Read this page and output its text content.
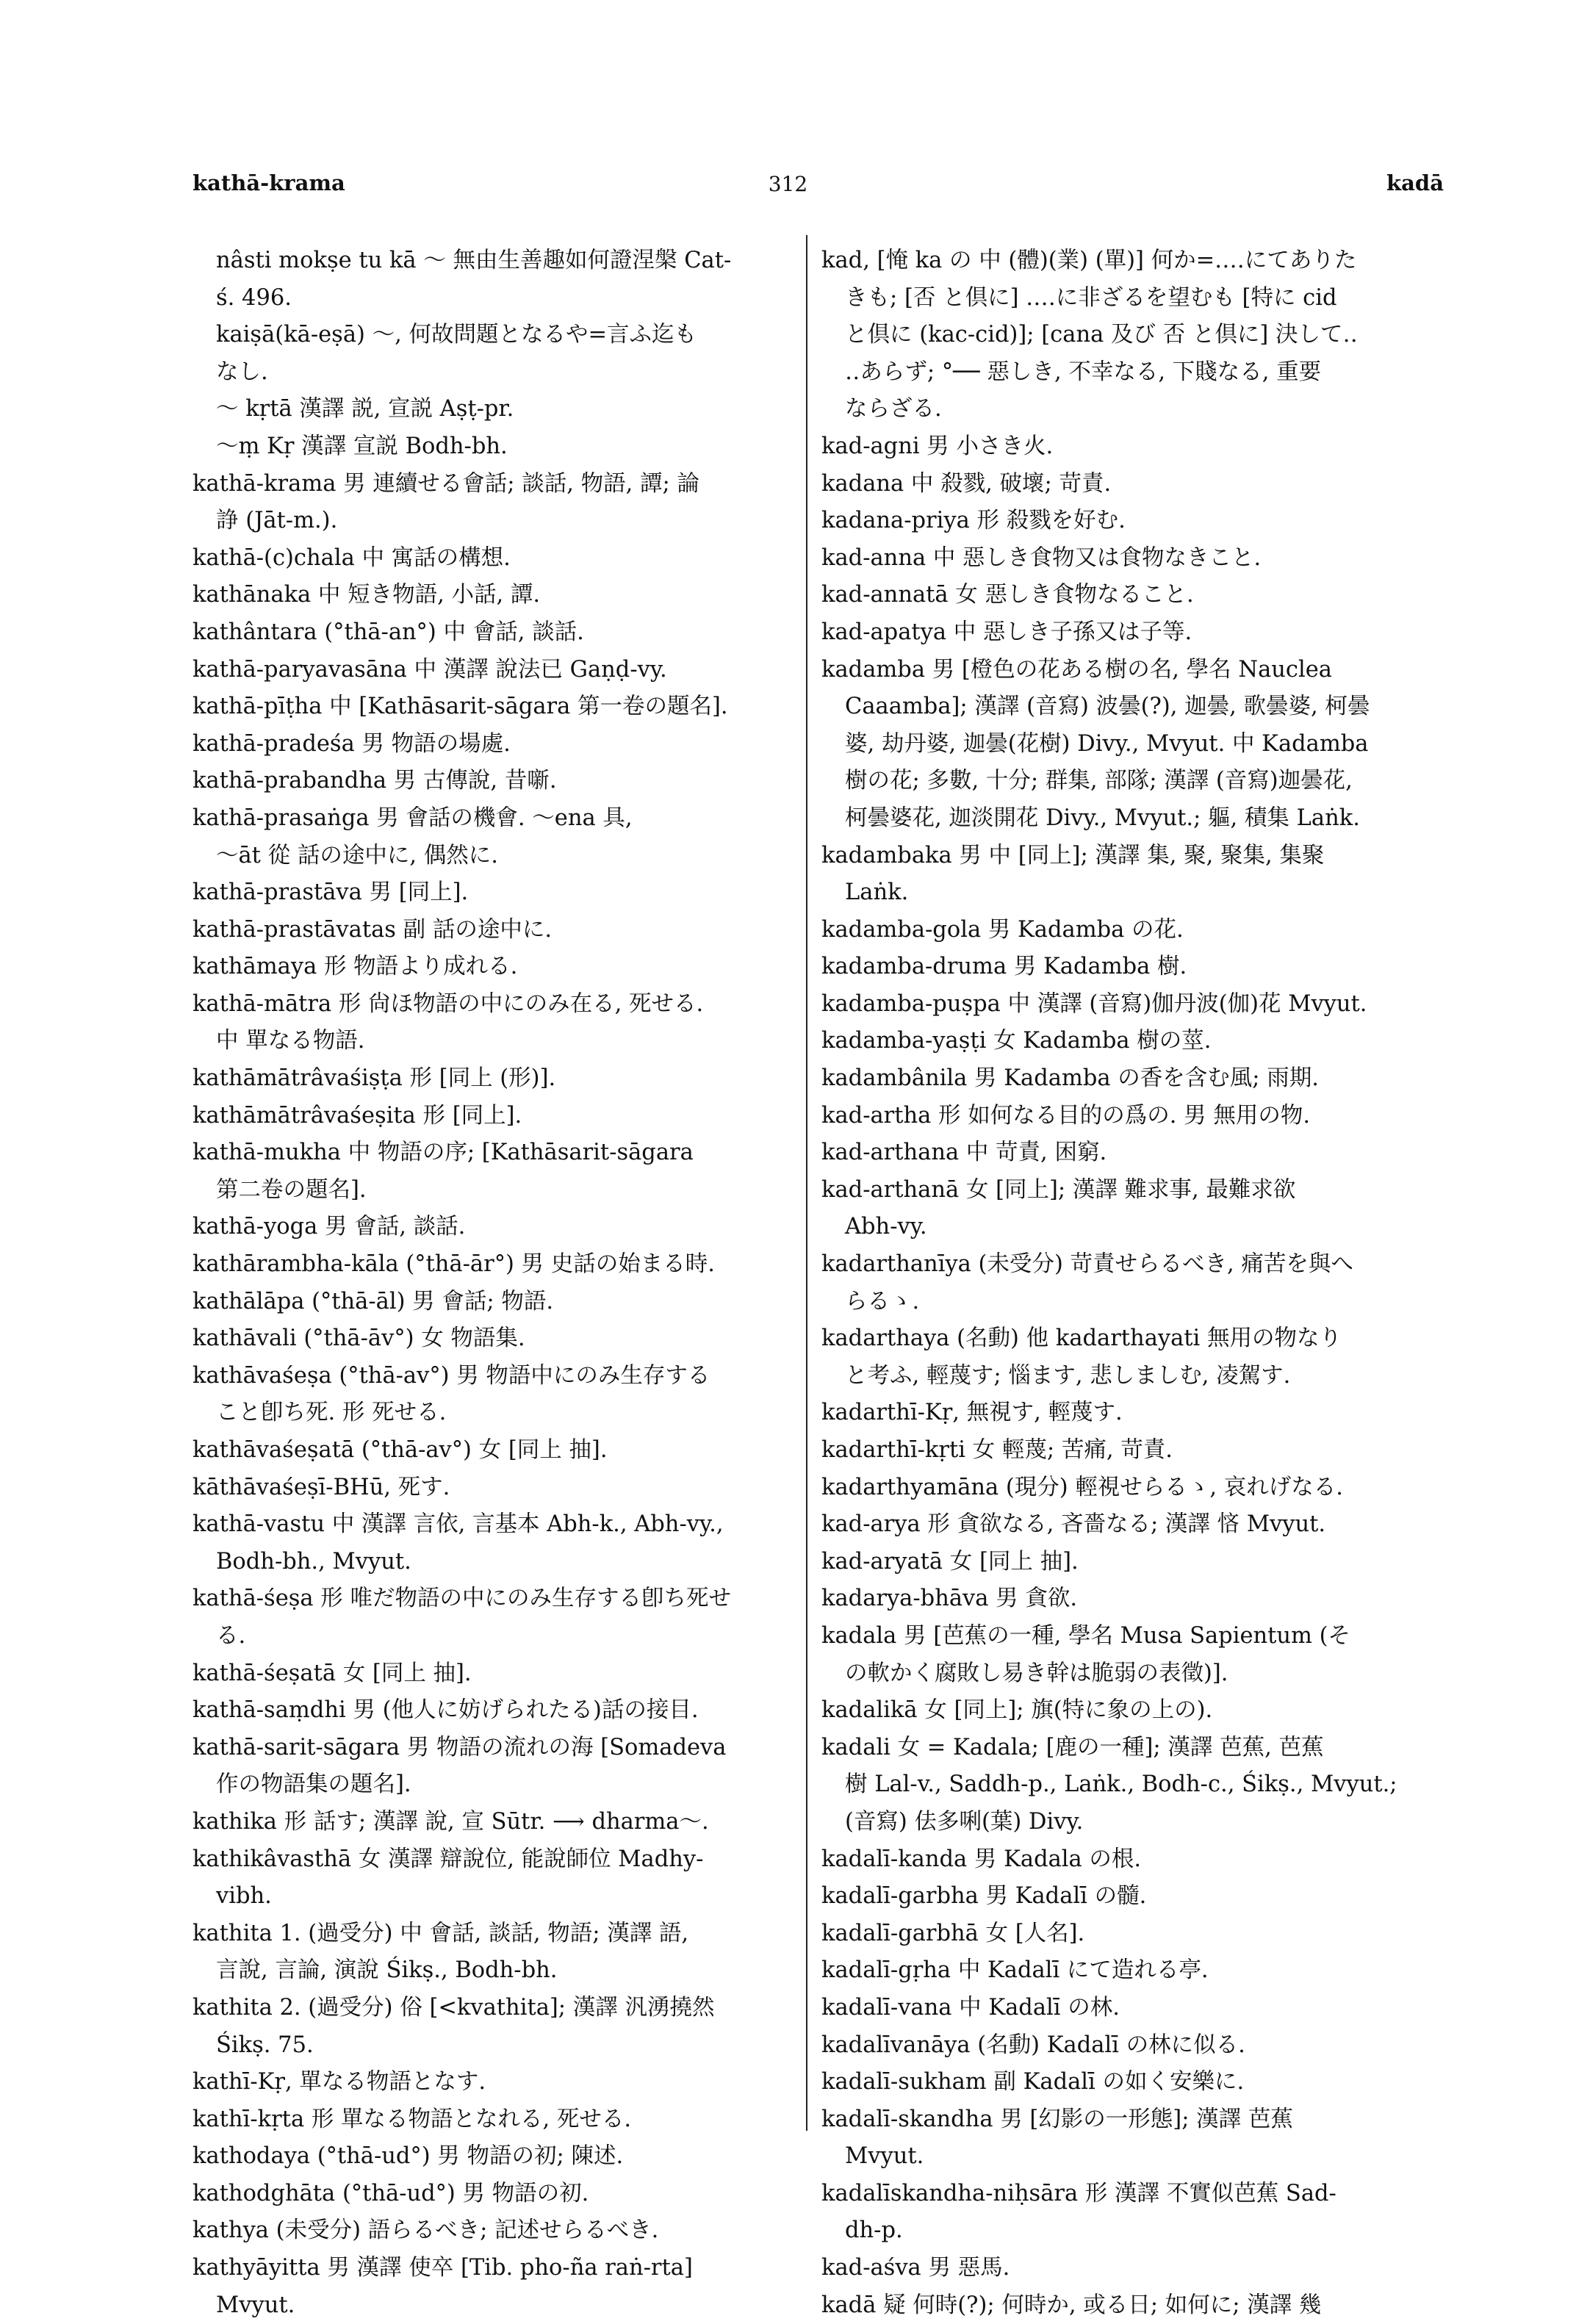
kathā-krama	312	kadā
nâsti mokṣe tu kā ～ 無由生善趣如何證涅槃 Cat-
ś. 496.
kaiṣā(kā-eṣā) ～, 何故問題となるや=言ふ迄も
なし.
～ kṛtā 漢譯 説, 宣説 Aṣṭ-pr.
～ṃ Kṛ 漢譯 宣説 Bodh-bh.
kathā-krama 男 連續せる會話; 談話, 物語, 譚; 論
諍 (Jāt-m.).
kathā-(c)chala 中 寓話の構想.
kathānaka 中 短き物語, 小話, 譚.
kathântara (°thā-an°) 中 會話, 談話.
kathā-paryavasāna 中 漢譯 說法已 Gaṇḍ-vy.
kathā-pīṭha 中 [Kathāsarit-sāgara 第一卷の題名].
kathā-pradeśa 男 物語の場處.
kathā-prabandha 男 古傳說, 昔噺.
kathā-prasaṅga 男 會話の機會. ～ena 具,
～āt 從 話の途中に, 偶然に.
kathā-prastāva 男 [同上].
kathā-prastāvatas 副 話の途中に.
kathāmaya 形 物語より成れる.
kathā-mātra 形 尙ほ物語の中にのみ在る, 死せる.
中 單なる物語.
kathāmātrâvaśiṣṭa 形 [同上 (形)].
kathāmātrâvaśeṣita 形 [同上].
kathā-mukha 中 物語の序; [Kathāsarit-sāgara
第二卷の題名].
kathā-yoga 男 會話, 談話.
kathārambha-kāla (°thā-ār°) 男 史話の始まる時.
kathālāpa (°thā-āl) 男 會話; 物語.
kathāvali (°thā-āv°) 女 物語集.
kathāvaśeṣa (°thā-av°) 男 物語中にのみ生存する
こと卽ち死. 形 死せる.
kathāvaśeṣatā (°thā-av°) 女 [同上 抽].
kāthāvaśeṣī-BHū, 死す.
kathā-vastu 中 漢譯 言依, 言基本 Abh-k., Abh-vy.,
Bodh-bh., Mvyut.
kathā-śeṣa 形 唯だ物語の中にのみ生存する卽ち死せ
る.
kathā-śeṣatā 女 [同上 抽].
kathā-saṃdhi 男 (他人に妨げられたる)話の接目.
kathā-sarit-sāgara 男 物語の流れの海 [Somadeva
作の物語集の題名].
kathika 形 話す; 漢譯 說, 宣 Sūtr. ⟶ dharma～.
kathikâvasthā 女 漢譯 辯說位, 能說師位 Madhy-
vibh.
kathita 1. (過受分) 中 會話, 談話, 物語; 漢譯 語,
言說, 言論, 演說 Śikṣ., Bodh-bh.
kathita 2. (過受分) 俗 [<kvathita]; 漢譯 汎湧撓然
Śikṣ. 75.
kathī-Kṛ, 單なる物語となす.
kathī-kṛta 形 單なる物語となれる, 死せる.
kathodaya (°thā-ud°) 男 物語の初; 陳述.
kathodghāta (°thā-ud°) 男 物語の初.
kathya (未受分) 語らるべき; 記述せらるべき.
kathyāyitta 男 漢譯 使卒 [Tib. pho-ña raṅ-rta]
Mvyut.
kad, [㤿 ka の 中 (體)(業) (單)] 何か=‥‥にてありた
きも; [否 と倶に] ‥‥に非ざるを望むも [特に cid
と倶に (kac-cid)]; [cana 及び 否 と倶に] 決して‥
‥あらず; °── 惡しき, 不幸なる, 下賤なる, 重要
ならざる.
kad-agni 男 小さき火.
kadana 中 殺戮, 破壞; 苛責.
kadana-priya 形 殺戮を好む.
kad-anna 中 惡しき食物又は食物なきこと.
kad-annatā 女 惡しき食物なること.
kad-apatya 中 惡しき子孫又は子等.
kadamba 男 [橙色の花ある樹の名, 學名 Nauclea
Caaamba]; 漢譯 (音寫) 波曇(?), 迦曇, 歌曇婆, 柯曇
婆, 劫丹婆, 迦曇(花樹) Divy., Mvyut. 中 Kadamba
樹の花; 多數, 十分; 群集, 部隊; 漢譯 (音寫)迦曇花,
柯曇婆花, 迦淡開花 Divy., Mvyut.; 軀, 積集 Laṅk.
kadambaka 男 中 [同上]; 漢譯 集, 聚, 聚集, 集聚
Laṅk.
kadamba-gola 男 Kadamba の花.
kadamba-druma 男 Kadamba 樹.
kadamba-puṣpa 中 漢譯 (音寫)伽丹波(伽)花 Mvyut.
kadamba-yaṣṭi 女 Kadamba 樹の莖.
kadambânila 男 Kadamba の香を含む風; 雨期.
kad-artha 形 如何なる目的の爲の. 男 無用の物.
kad-arthana 中 苛責, 困窮.
kad-arthanā 女 [同上]; 漢譯 難求事, 最難求欲
Abh-vy.
kadarthanīya (未受分) 苛責せらるべき, 痛苦を與へ
らるゝ.
kadarthaya (名動) 他 kadarthayati 無用の物なり
と考ふ, 輕蔑す; 惱ます, 悲しましむ, 凌駕す.
kadarthī-Kṛ, 無視す, 輕蔑す.
kadarthī-kṛti 女 輕蔑; 苦痛, 苛責.
kadarthyamāna (現分) 輕視せらるゝ, 哀れげなる.
kad-arya 形 貪欲なる, 吝嗇なる; 漢譯 悋 Mvyut.
kad-aryatā 女 [同上 抽].
kadarya-bhāva 男 貪欲.
kadala 男 [芭蕉の一種, 學名 Musa Sapientum (そ
の軟かく腐敗し易き幹は脆弱の表徵)].
kadalikā 女 [同上]; 旗(特に象の上の).
kadali 女 = Kadala; [鹿の一種]; 漢譯 芭蕉, 芭蕉
樹 Lal-v., Saddh-p., Laṅk., Bodh-c., Śikṣ., Mvyut.;
(音寫) 佉多唎(葉) Divy.
kadalī-kanda 男 Kadala の根.
kadalī-garbha 男 Kadalī の髓.
kadalī-garbhā 女 [人名].
kadalī-gṛha 中 Kadalī にて造れる亭.
kadalī-vana 中 Kadalī の林.
kadalīvanāya (名動) Kadalī の林に似る.
kadalī-sukham 副 Kadalī の如く安樂に.
kadalī-skandha 男 [幻影の一形態]; 漢譯 芭蕉
Mvyut.
kadalīskandha-niḥsāra 形 漢譯 不實似芭蕉 Sad-
dh-p.
kad-aśva 男 惡馬.
kadā 疑 何時(?); 何時か, 或る日; 如何に; 漢譯 幾
